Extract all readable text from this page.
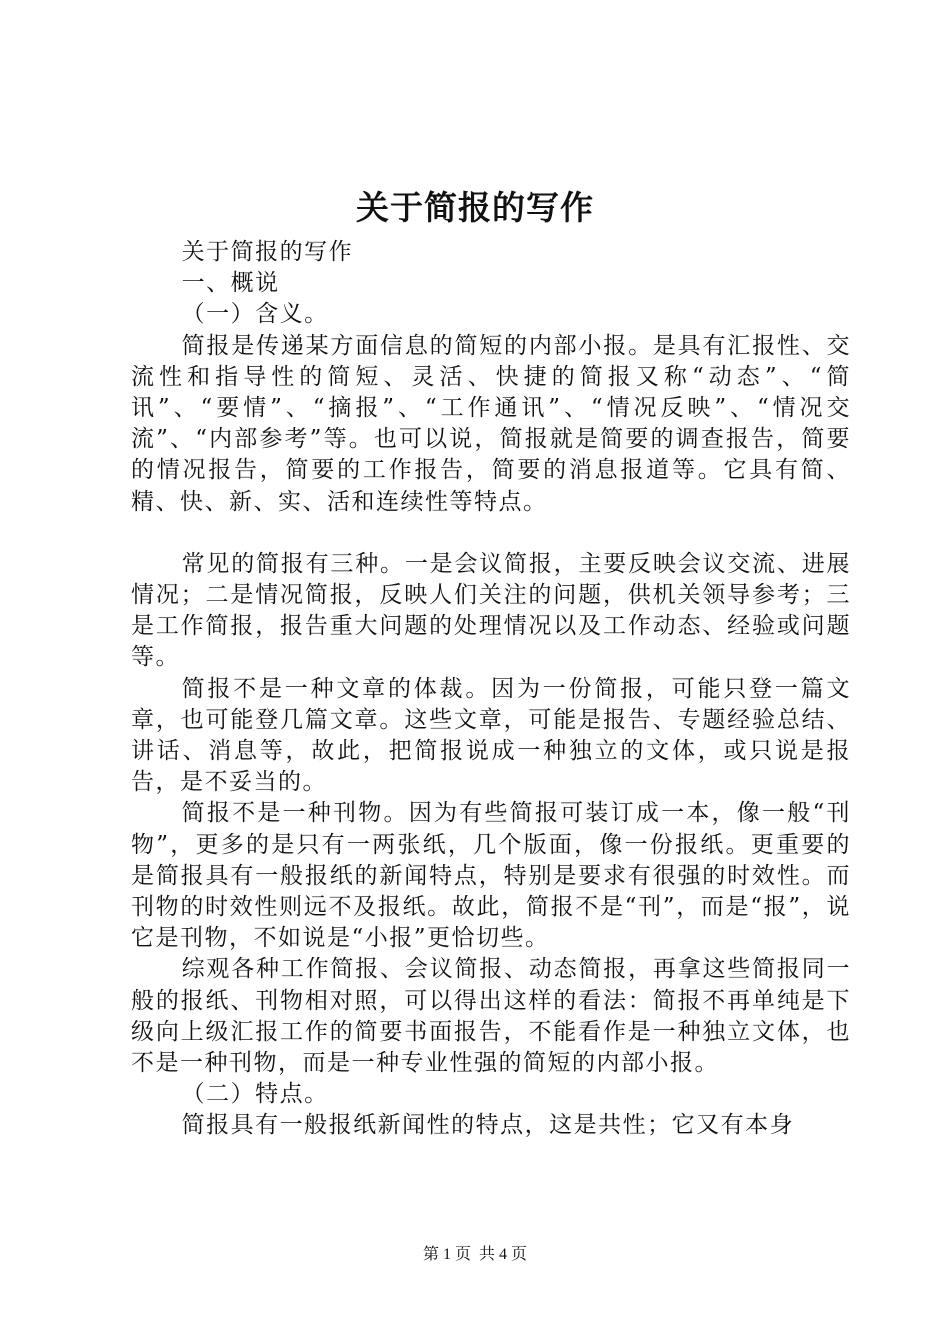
关于简报的写作

关于简报的写作

一、概说

（一）含义。

简报是传递某方面信息的简短的内部小报。是具有汇报性、交流性和指导性的简短、灵活、快捷的简报又称“动态”、“简讯”、“要情”、“摘报”、“工作通讯”、“情况反映”、“情况交流”、“内部参考”等。也可以说，简报就是简要的调查报告，简要的情况报告，简要的工作报告，简要的消息报道等。它具有简、精、快、新、实、活和连续性等特点。

常见的简报有三种。一是会议简报，主要反映会议交流、进展情况；二是情况简报，反映人们关注的问题，供机关领导参考；三是工作简报，报告重大问题的处理情况以及工作动态、经验或问题等。

简报不是一种文章的体裁。因为一份简报，可能只登一篇文章，也可能登几篇文章。这些文章，可能是报告、专题经验总结、讲话、消息等，故此，把简报说成一种独立的文体，或只说是报告，是不妥当的。

简报不是一种刊物。因为有些简报可装订成一本，像一般“刊物”，更多的是只有一两张纸，几个版面，像一份报纸。更重要的是简报具有一般报纸的新闻特点，特别是要求有很强的时效性。而刊物的时效性则远不及报纸。故此，简报不是“刊”，而是“报”，说它是刊物，不如说是“小报”更恰切些。

综观各种工作简报、会议简报、动态简报，再拿这些简报同一般的报纸、刊物相对照，可以得出这样的看法：简报不再单纯是下级向上级汇报工作的简要书面报告，不能看作是一种独立文体，也不是一种刊物，而是一种专业性强的简短的内部小报。

（二）特点。

简报具有一般报纸新闻性的特点，这是共性；它又有本身

第 1 页 共 4 页
